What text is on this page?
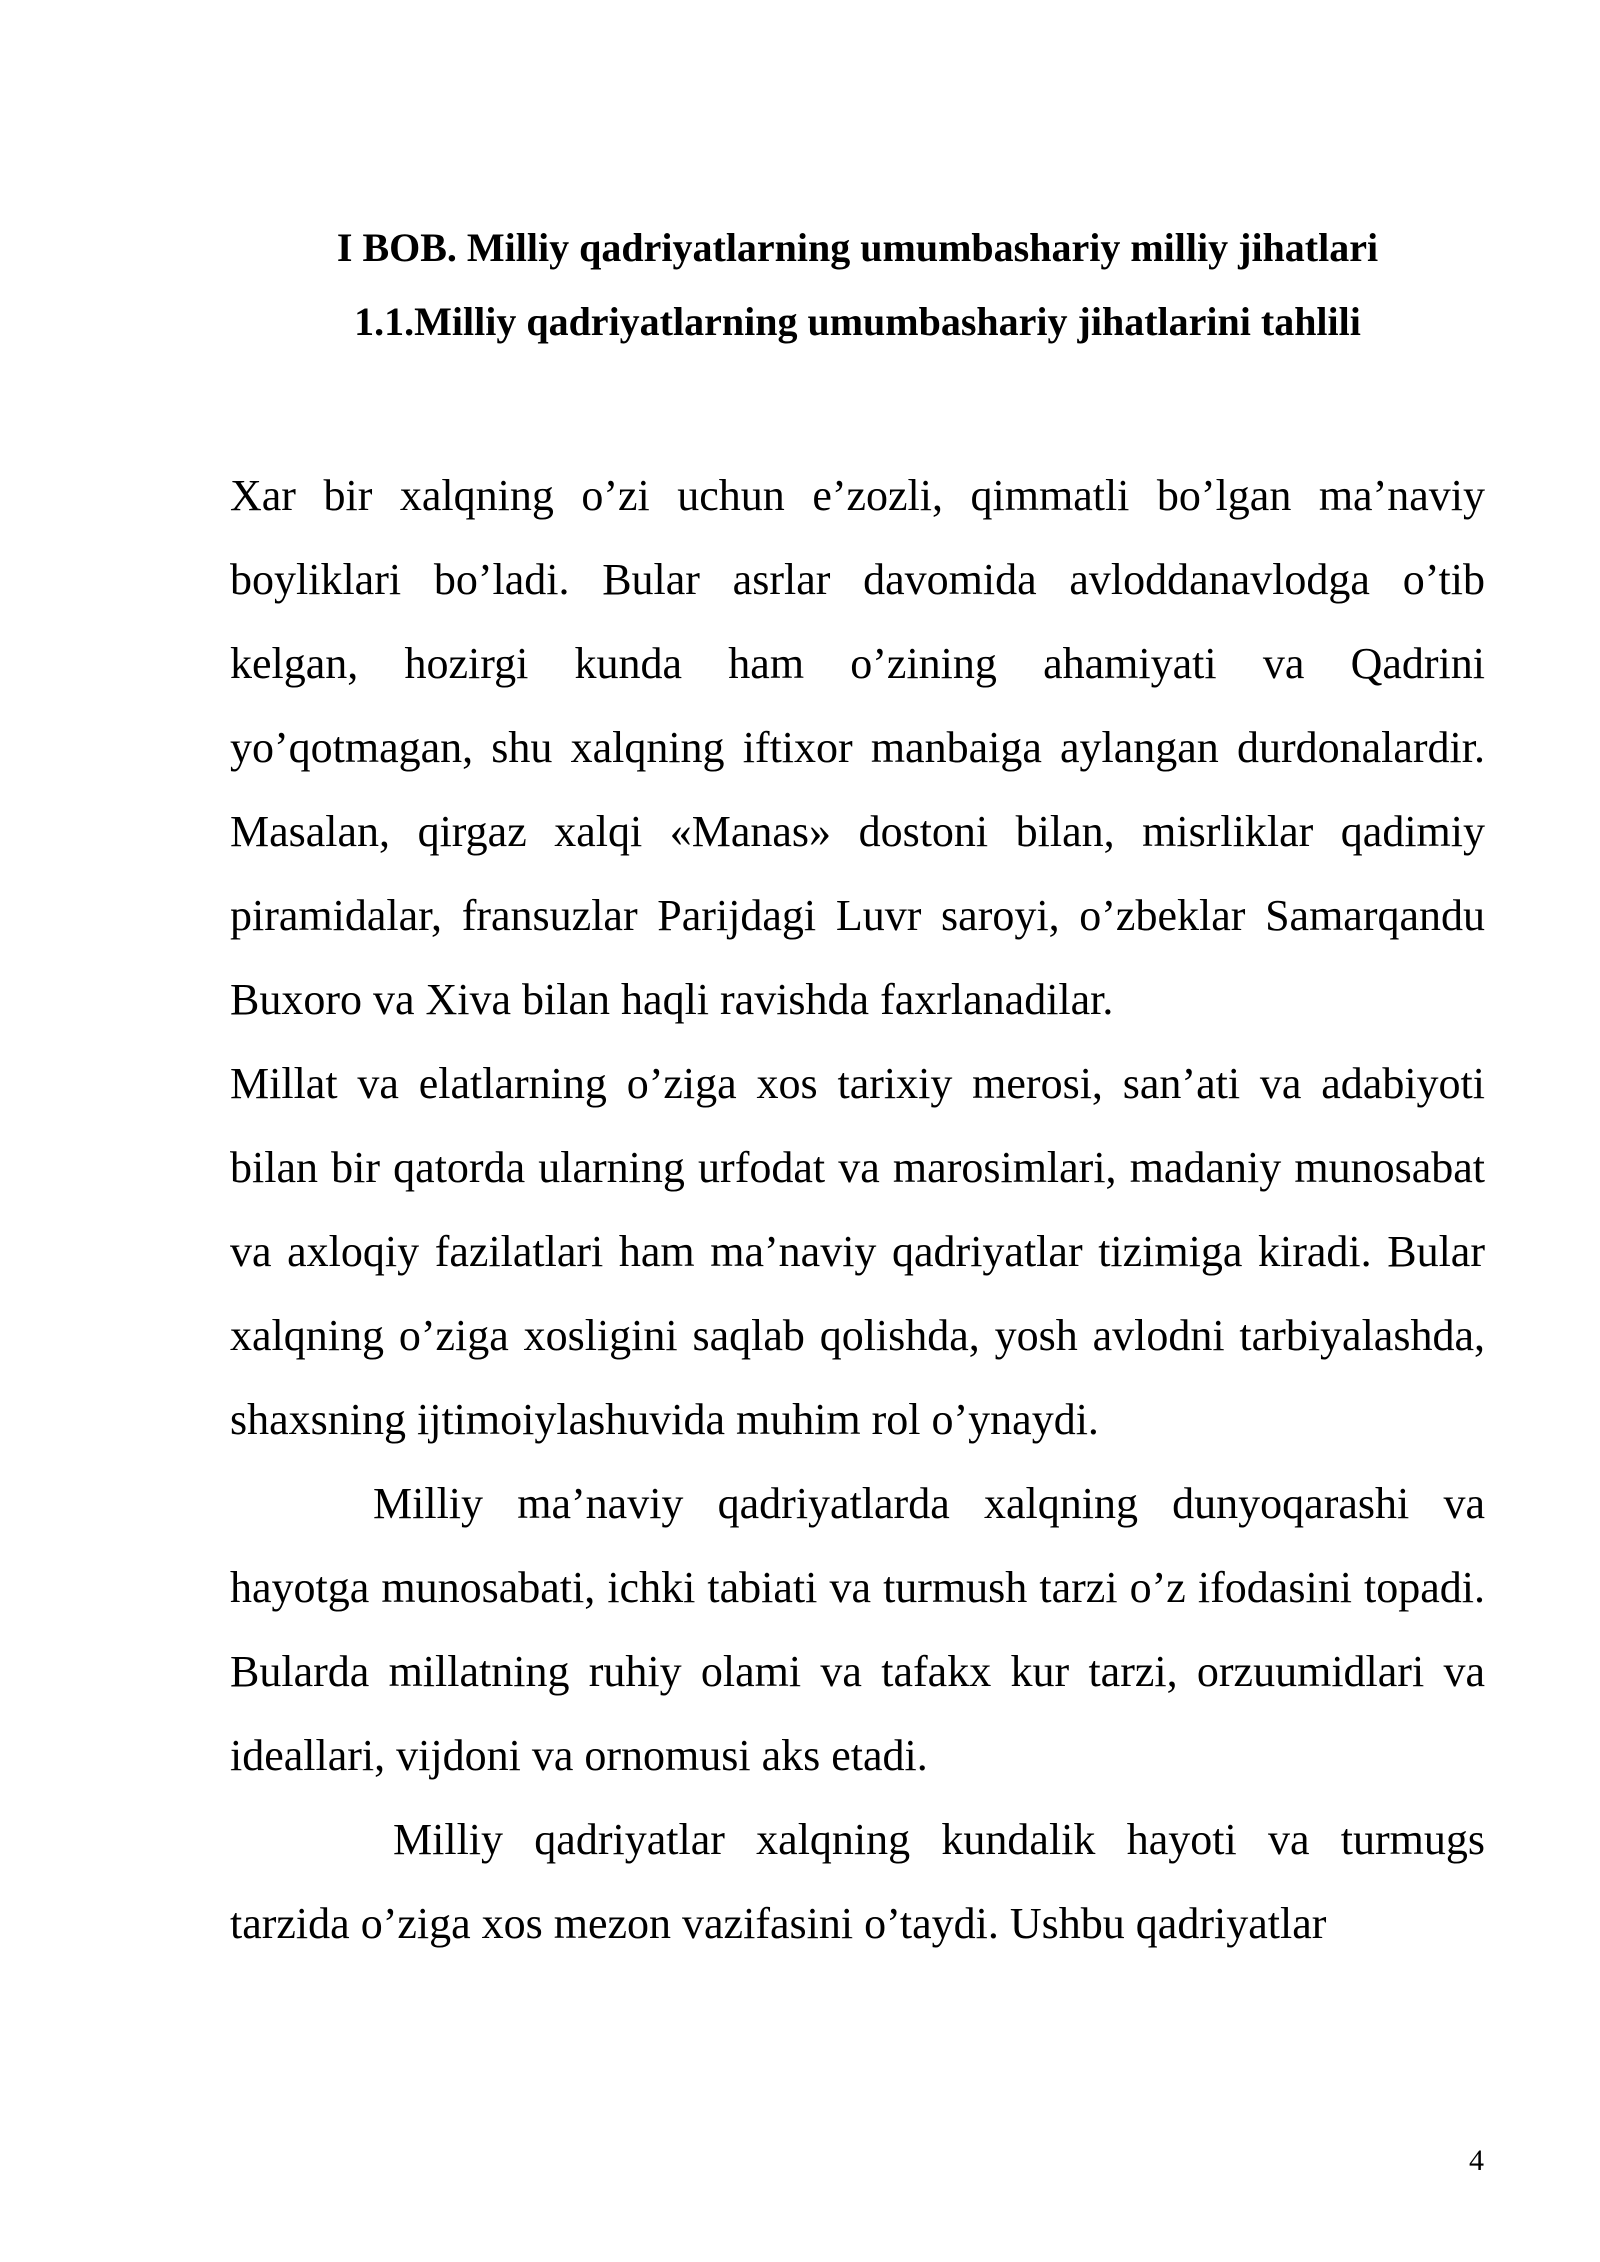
I BOB. Milliy qadriyatlarning umumbashariy milliy jihatlari
1.1.Milliy qadriyatlarning umumbashariy jihatlarini tahlili

Xar bir xalqning o’zi uchun e’zozli, qimmatli bo’lgan ma’naviy boyliklari bo’ladi. Bular asrlar davomida avloddanavlodga o’tib kelgan, hozirgi kunda ham o’zining ahamiyati va Qadrini yo’qotmagan, shu xalqning iftixor manbaiga aylangan durdonalardir. Masalan, qirgaz xalqi «Manas» dostoni bilan, misrliklar qadimiy piramidalar, fransuzlar Parijdagi Luvr saroyi, o’zbeklar Samarqandu Buxoro va Xiva bilan haqli ravishda faxrlanadilar.

Millat va elatlarning o’ziga xos tarixiy merosi, san’ati va adabiyoti bilan bir qatorda ularning urfodat va marosimlari, madaniy munosabat va axloqiy fazilatlari ham ma’naviy qadriyatlar tizimiga kiradi. Bular xalqning o’ziga xosligini saqlab qolishda, yosh avlodni tarbiyalashda, shaxsning ijtimoiylashuvida muhim rol o’ynaydi.

Milliy ma’naviy qadriyatlarda xalqning dunyoqarashi va hayotga munosabati, ichki tabiati va turmush tarzi o’z ifodasini topadi. Bularda millatning ruhiy olami va tafakx kur tarzi, orzuumidlari va ideallari, vijdoni va ornomusi aks etadi.

Milliy qadriyatlar xalqning kundalik hayoti va turmugs tarzida o’ziga xos mezon vazifasini o’taydi. Ushbu qadriyatlar

4
